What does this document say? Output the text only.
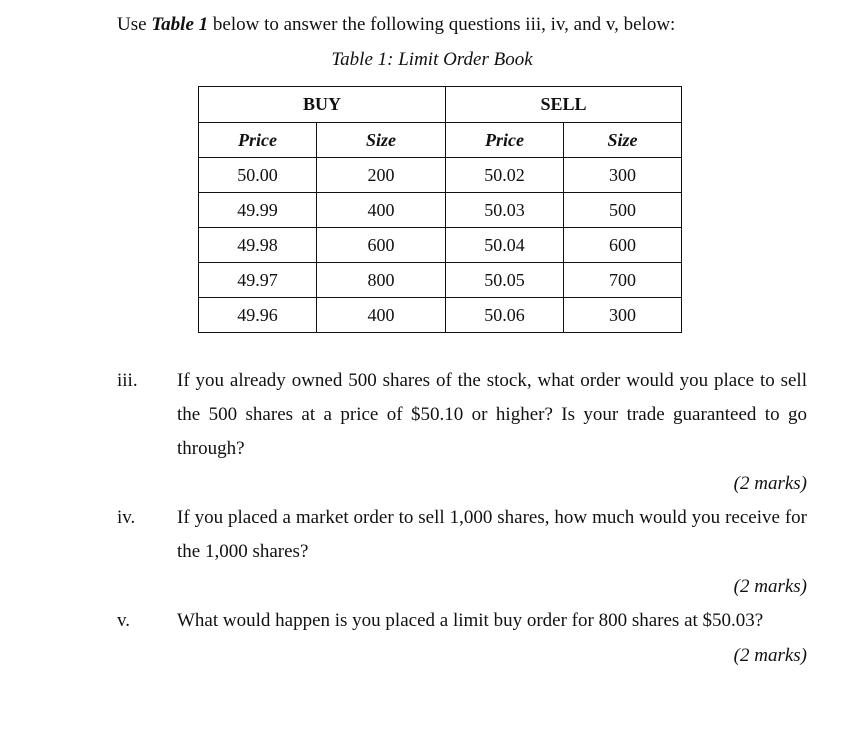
Use Table 1 below to answer the following questions iii, iv, and v, below:
Table 1: Limit Order Book
BUY		SELL	
Price	Size	Price	Size
50.00	200	50.02	300
49.99	400	50.03	500
49.98	600	50.04	600
49.97	800	50.05	700
49.96	400	50.06	300
iii. If you already owned 500 shares of the stock, what order would you place to sell the 500 shares at a price of $50.10 or higher? Is your trade guaranteed to go through?
(2 marks)
iv. If you placed a market order to sell 1,000 shares, how much would you receive for the 1,000 shares?
(2 marks)
v. What would happen is you placed a limit buy order for 800 shares at $50.03?
(2 marks)
